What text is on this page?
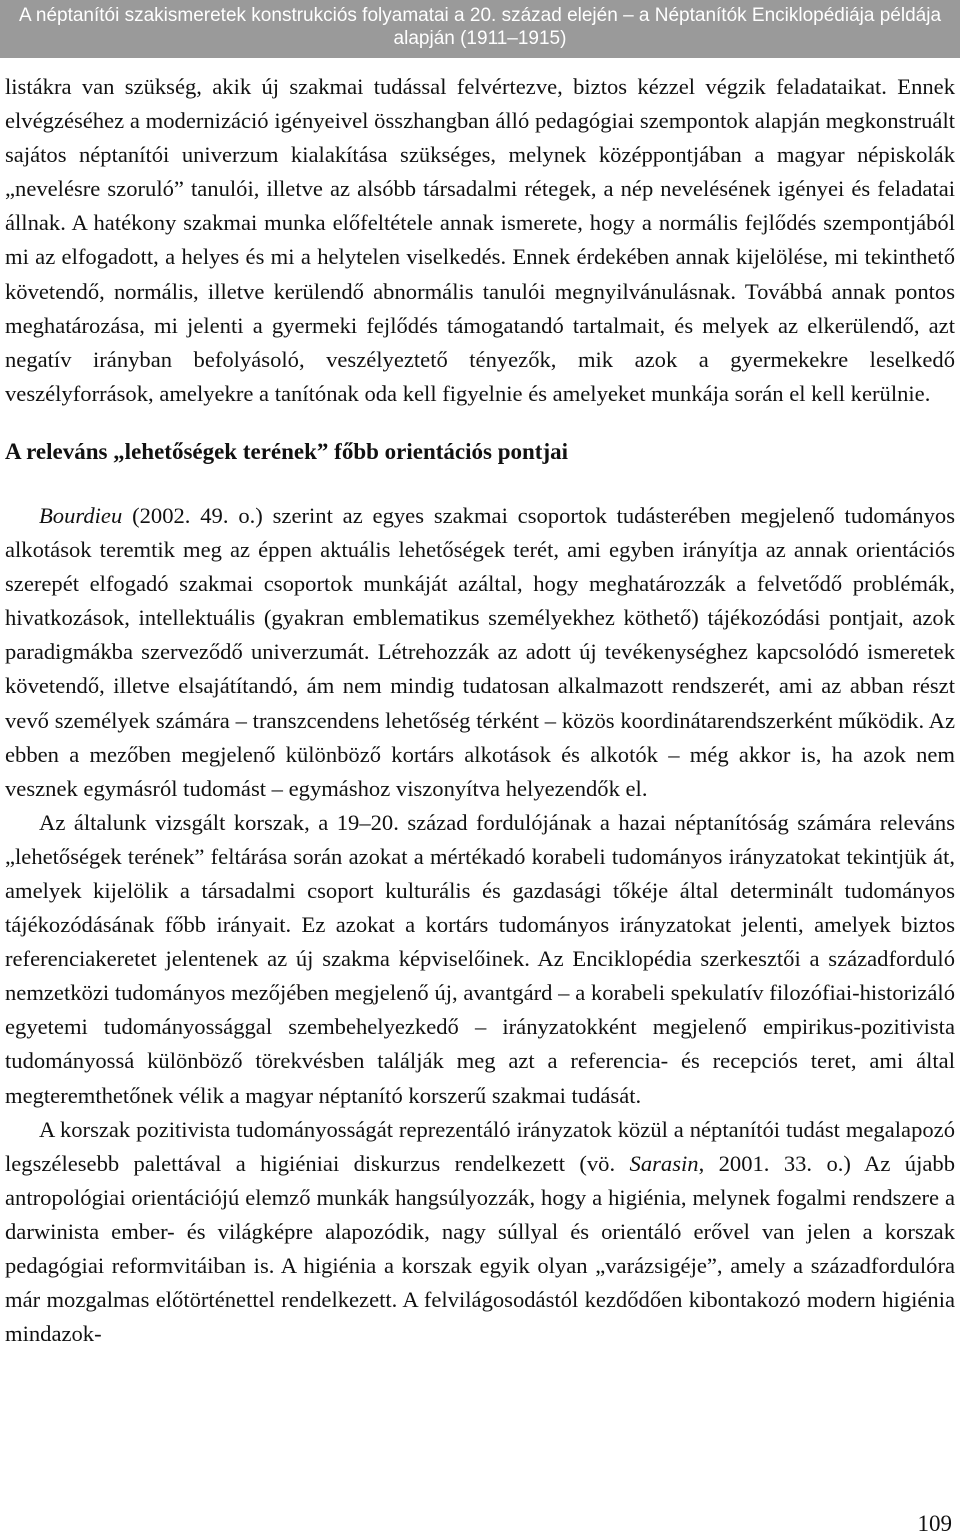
A néptanítói szakismeretek konstrukciós folyamatai a 20. század elején – a Néptanítók Enciklopédiája példája
alapján (1911–1915)

listákra van szükség, akik új szakmai tudással felvértezve, biztos kézzel végzik feladataikat. Ennek elvégzéséhez a modernizáció igényeivel összhangban álló pedagógiai szempontok alapján megkonstruált sajátos néptanítói univerzum kialakítása szükséges, melynek középpontjában a magyar népiskolák „nevelésre szoruló” tanulói, illetve az alsóbb társadalmi rétegek, a nép nevelésének igényei és feladatai állnak. A hatékony szakmai munka előfeltétele annak ismerete, hogy a normális fejlődés szempontjából mi az elfogadott, a helyes és mi a helytelen viselkedés. Ennek érdekében annak kijelölése, mi tekinthető követendő, normális, illetve kerülendő abnormális tanulói megnyilvánulásnak. Továbbá annak pontos meghatározása, mi jelenti a gyermeki fejlődés támogatandó tartalmait, és melyek az elkerülendő, azt negatív irányban befolyásoló, veszélyeztető tényezők, mik azok a gyermekekre leselkedő veszélyforrások, amelyekre a tanítónak oda kell figyelnie és amelyeket munkája során el kell kerülnie.

A releváns „lehetőségek terének” főbb orientációs pontjai

Bourdieu (2002. 49. o.) szerint az egyes szakmai csoportok tudásterében megjelenő tudományos alkotások teremtik meg az éppen aktuális lehetőségek terét, ami egyben irányítja az annak orientációs szerepét elfogadó szakmai csoportok munkáját azáltal, hogy meghatározzák a felvetődő problémák, hivatkozások, intellektuális (gyakran emblematikus személyekhez köthető) tájékozódási pontjait, azok paradigmákba szerveződő univerzumát. Létrehozzák az adott új tevékenységhez kapcsolódó ismeretek követendő, illetve elsajátítandó, ám nem mindig tudatosan alkalmazott rendszerét, ami az abban részt vevő személyek számára – transzcendens lehetőség térként – közös koordinátarendszerként működik. Az ebben a mezőben megjelenő különböző kortárs alkotások és alkotók – még akkor is, ha azok nem vesznek egymásról tudomást – egymáshoz viszonyítva helyezendők el.

Az általunk vizsgált korszak, a 19–20. század fordulójának a hazai néptanítóság számára releváns „lehetőségek terének” feltárása során azokat a mértékadó korabeli tudományos irányzatokat tekintjük át, amelyek kijelölik a társadalmi csoport kulturális és gazdasági tőkéje által determinált tudományos tájékozódásának főbb irányait. Ez azokat a kortárs tudományos irányzatokat jelenti, amelyek biztos referenciakeretet jelentenek az új szakma képviselőinek. Az Enciklopédia szerkesztői a századforduló nemzetközi tudományos mezőjében megjelenő új, avantgárd – a korabeli spekulatív filozófiai-historizáló egyetemi tudományossággal szembehelyezkedő – irányzatokként megjelenő empirikus-pozitivista tudományossá különböző törekvésben találják meg azt a referencia- és recepciós teret, ami által megteremthetőnek vélik a magyar néptanító korszerű szakmai tudását.

A korszak pozitivista tudományosságát reprezentáló irányzatok közül a néptanítói tudást megalapozó legszélesebb palettával a higiéniai diskurzus rendelkezett (vö. Sarasin, 2001. 33. o.) Az újabb antropológiai orientációjú elemző munkák hangsúlyozzák, hogy a higiénia, melynek fogalmi rendszere a darwinista ember- és világképre alapozódik, nagy súllyal és orientáló erővel van jelen a korszak pedagógiai reformvitáiban is. A higiénia a korszak egyik olyan „varázsigéje”, amely a századfordulóra már mozgalmas előtörténettel rendelkezett. A felvilágosodástól kezdődően kibontakozó modern higiénia mindazok-

109
